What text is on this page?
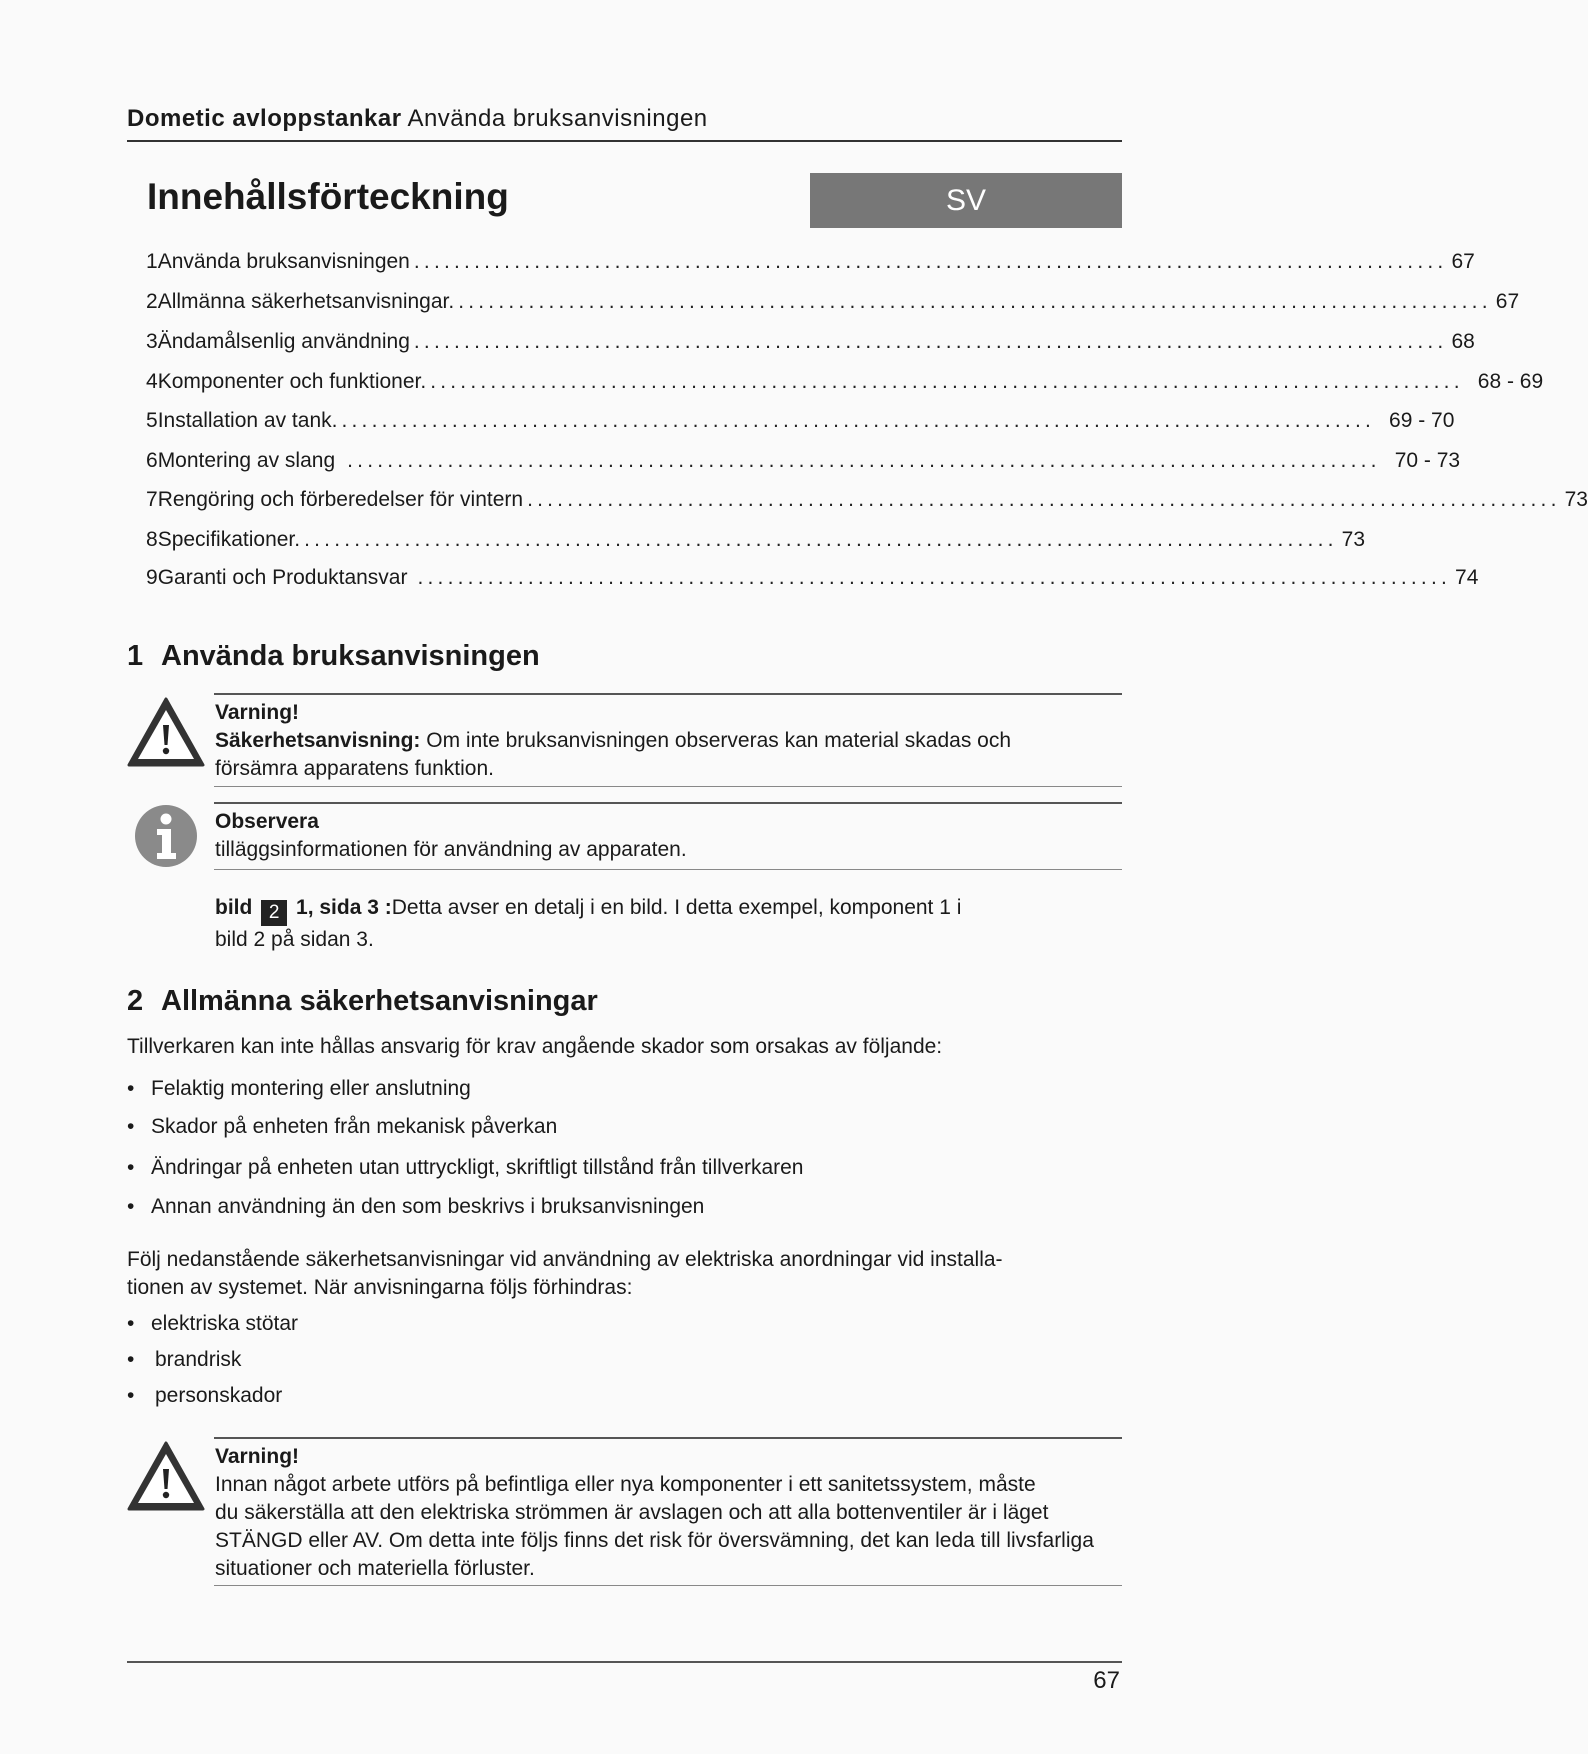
Dometic avloppstankar Använda bruksanvisningen
Innehållsförteckning	SV
1 Använda bruksanvisningen ....................................................................................................... 67
2 Allmänna säkerhetsanvisningar. ....................................................................................................... 67
3 Ändamålsenlig användning ....................................................................................................... 68
4 Komponenter och funktioner. ....................................................................................................... 68 - 69
5 Installation av tank. ....................................................................................................... 69 - 70
6 Montering av slang ....................................................................................................... 70 - 73
7 Rengöring och förberedelser för vintern ....................................................................................................... 73
8 Specifikationer. ....................................................................................................... 73
9 Garanti och Produktansvar ....................................................................................................... 74
1 Använda bruksanvisningen
Varning!
Säkerhetsanvisning: Om inte bruksanvisningen observeras kan material skadas och
försämra apparatens funktion.
Observera
tilläggsinformationen för användning av apparaten.
bild 2 1, sida 3 :Detta avser en detalj i en bild. I detta exempel, komponent 1 i
bild 2 på sidan 3.
2 Allmänna säkerhetsanvisningar
Tillverkaren kan inte hållas ansvarig för krav angående skador som orsakas av följande:
• Felaktig montering eller anslutning
• Skador på enheten från mekanisk påverkan
• Ändringar på enheten utan uttryckligt, skriftligt tillstånd från tillverkaren
• Annan användning än den som beskrivs i bruksanvisningen
Följ nedanstående säkerhetsanvisningar vid användning av elektriska anordningar vid installa-
tionen av systemet. När anvisningarna följs förhindras:
• elektriska stötar
• brandrisk
• personskador
Varning!
Innan något arbete utförs på befintliga eller nya komponenter i ett sanitetssystem, måste
du säkerställa att den elektriska strömmen är avslagen och att alla bottenventiler är i läget
STÄNGD eller AV. Om detta inte följs finns det risk för översvämning, det kan leda till livsfarliga
situationer och materiella förluster.
67
